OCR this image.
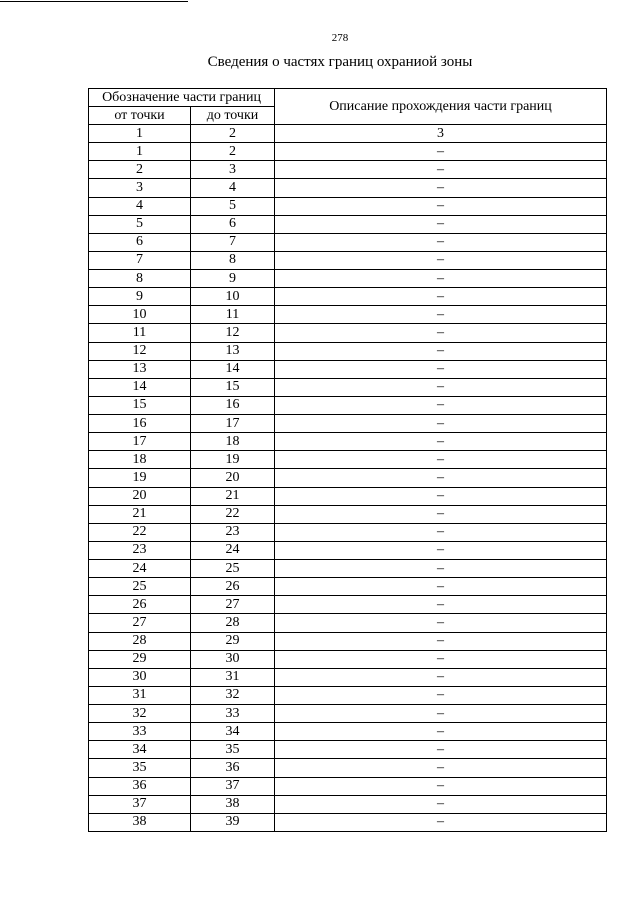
278
Сведения о частях границ охраниой зоны
Обозначение части границ		Описание прохождения части границ
от точки	до точки	
1	2	3
1	2	–
2	3	–
3	4	–
4	5	–
5	6	–
6	7	–
7	8	–
8	9	–
9	10	–
10	11	–
11	12	–
12	13	–
13	14	–
14	15	–
15	16	–
16	17	–
17	18	–
18	19	–
19	20	–
20	21	–
21	22	–
22	23	–
23	24	–
24	25	–
25	26	–
26	27	–
27	28	–
28	29	–
29	30	–
30	31	–
31	32	–
32	33	–
33	34	–
34	35	–
35	36	–
36	37	–
37	38	–
38	39	–
